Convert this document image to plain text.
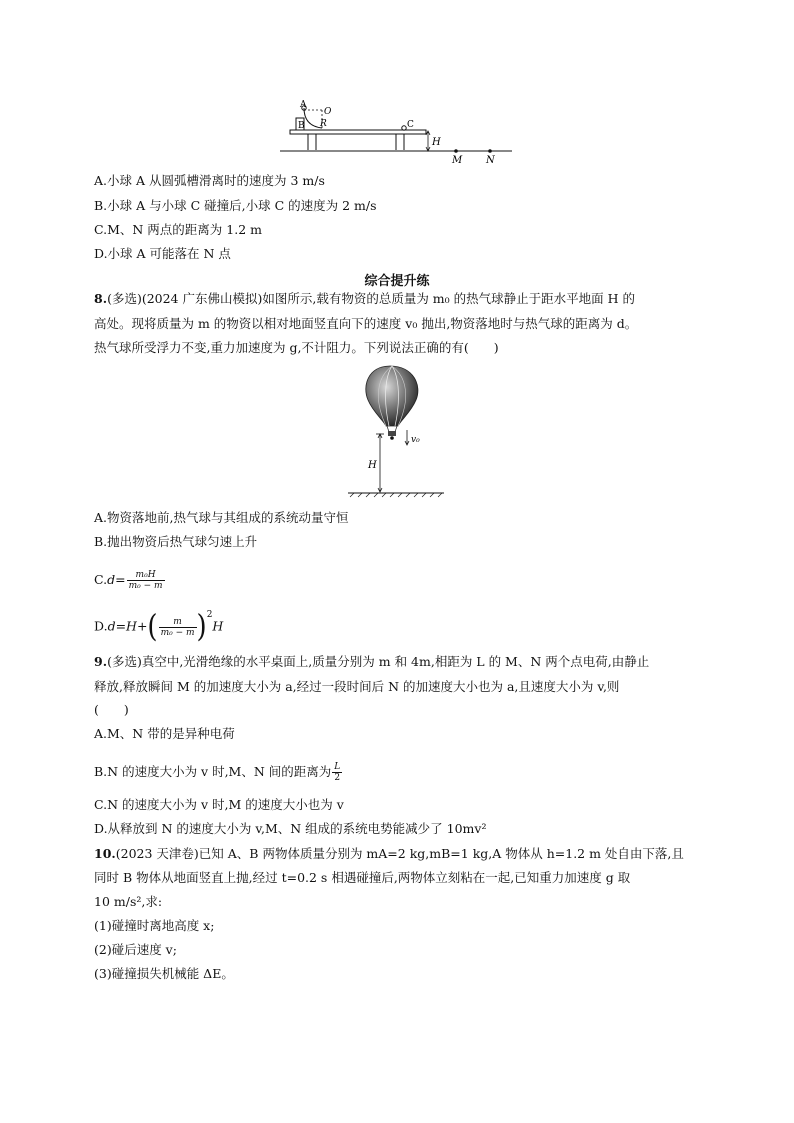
A
B
O
R	C
H
M N
A.小球 A 从圆弧槽滑离时的速度为 3 m/s
B.小球 A 与小球 C 碰撞后,小球 C 的速度为 2 m/s
C.M、N 两点的距离为 1.2 m
D.小球 A 可能落在 N 点
综合提升练
8.(多选)(2024 广东佛山模拟)如图所示,载有物资的总质量为 m₀ 的热气球静止于距水平地面 H 的
高处。现将质量为 m 的物资以相对地面竖直向下的速度 v₀ 抛出,物资落地时与热气球的距离为 d。
热气球所受浮力不变,重力加速度为 g,不计阻力。下列说法正确的有(　　)
v₀
H
A.物资落地前,热气球与其组成的系统动量守恒
B.抛出物资后热气球匀速上升
$C.d= \frac{\text{m₀H}}{\text{m₀ − m}}$
$D.d=H+( \frac{m}{\text{m₀ − m}} )^2H$
9.(多选)真空中,光滑绝缘的水平桌面上,质量分别为 m 和 4m,相距为 L 的 M、N 两个点电荷,由静止
释放,释放瞬间 M 的加速度大小为 a,经过一段时间后 N 的加速度大小也为 a,且速度大小为 v,则
(　　)
A.M、N 带的是异种电荷
B.N 的速度大小为 v 时,M、N 间的距离为 $\frac{L}{2}$
C.N 的速度大小为 v 时,M 的速度大小也为 v
D.从释放到 N 的速度大小为 v,M、N 组成的系统电势能减少了 10mv²
10.(2023 天津卷)已知 A、B 两物体质量分别为 mA=2 kg,mB=1 kg,A 物体从 h=1.2 m 处自由下落,且
同时 B 物体从地面竖直上抛,经过 t=0.2 s 相遇碰撞后,两物体立刻粘在一起,已知重力加速度 g 取
10 m/s²,求:
(1)碰撞时离地高度 x;
(2)碰后速度 v;
(3)碰撞损失机械能 ΔE。
